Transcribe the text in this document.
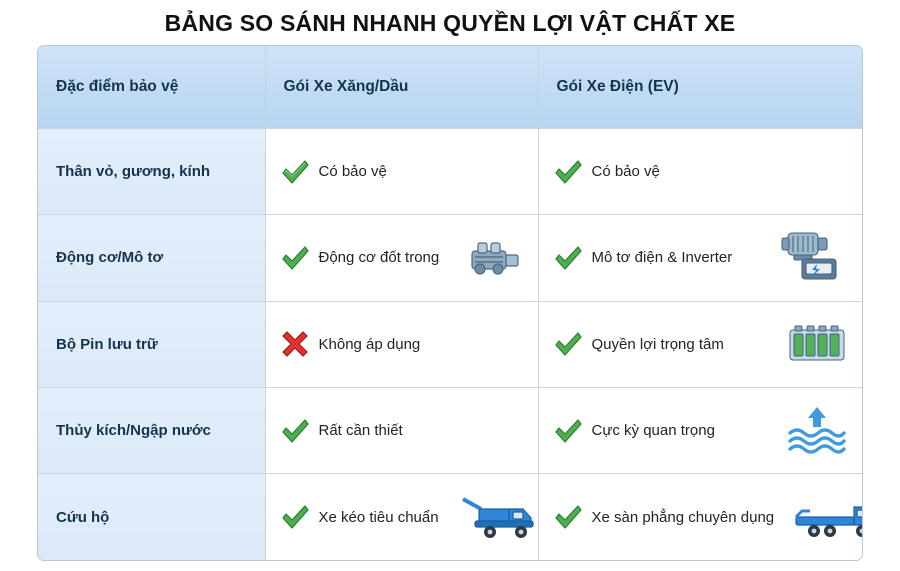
BẢNG SO SÁNH NHANH QUYỀN LỢI VẬT CHẤT XE
Đặc điểm bảo vệ	Gói Xe Xăng/Dầu	Gói Xe Điện (EV)
Thân vỏ, gương, kính	Có bảo vệ	Có bảo vệ

Động cơ/Mô tơ	Động cơ đốt trong	Mô tơ điện & Inverter

Bộ Pin lưu trữ	Không áp dụng	Quyền lợi trọng tâm

Thủy kích/Ngập nước	Rất cần thiết	Cực kỳ quan trọng

Cứu hộ	Xe kéo tiêu chuẩn	Xe sàn phẳng chuyên dụng
